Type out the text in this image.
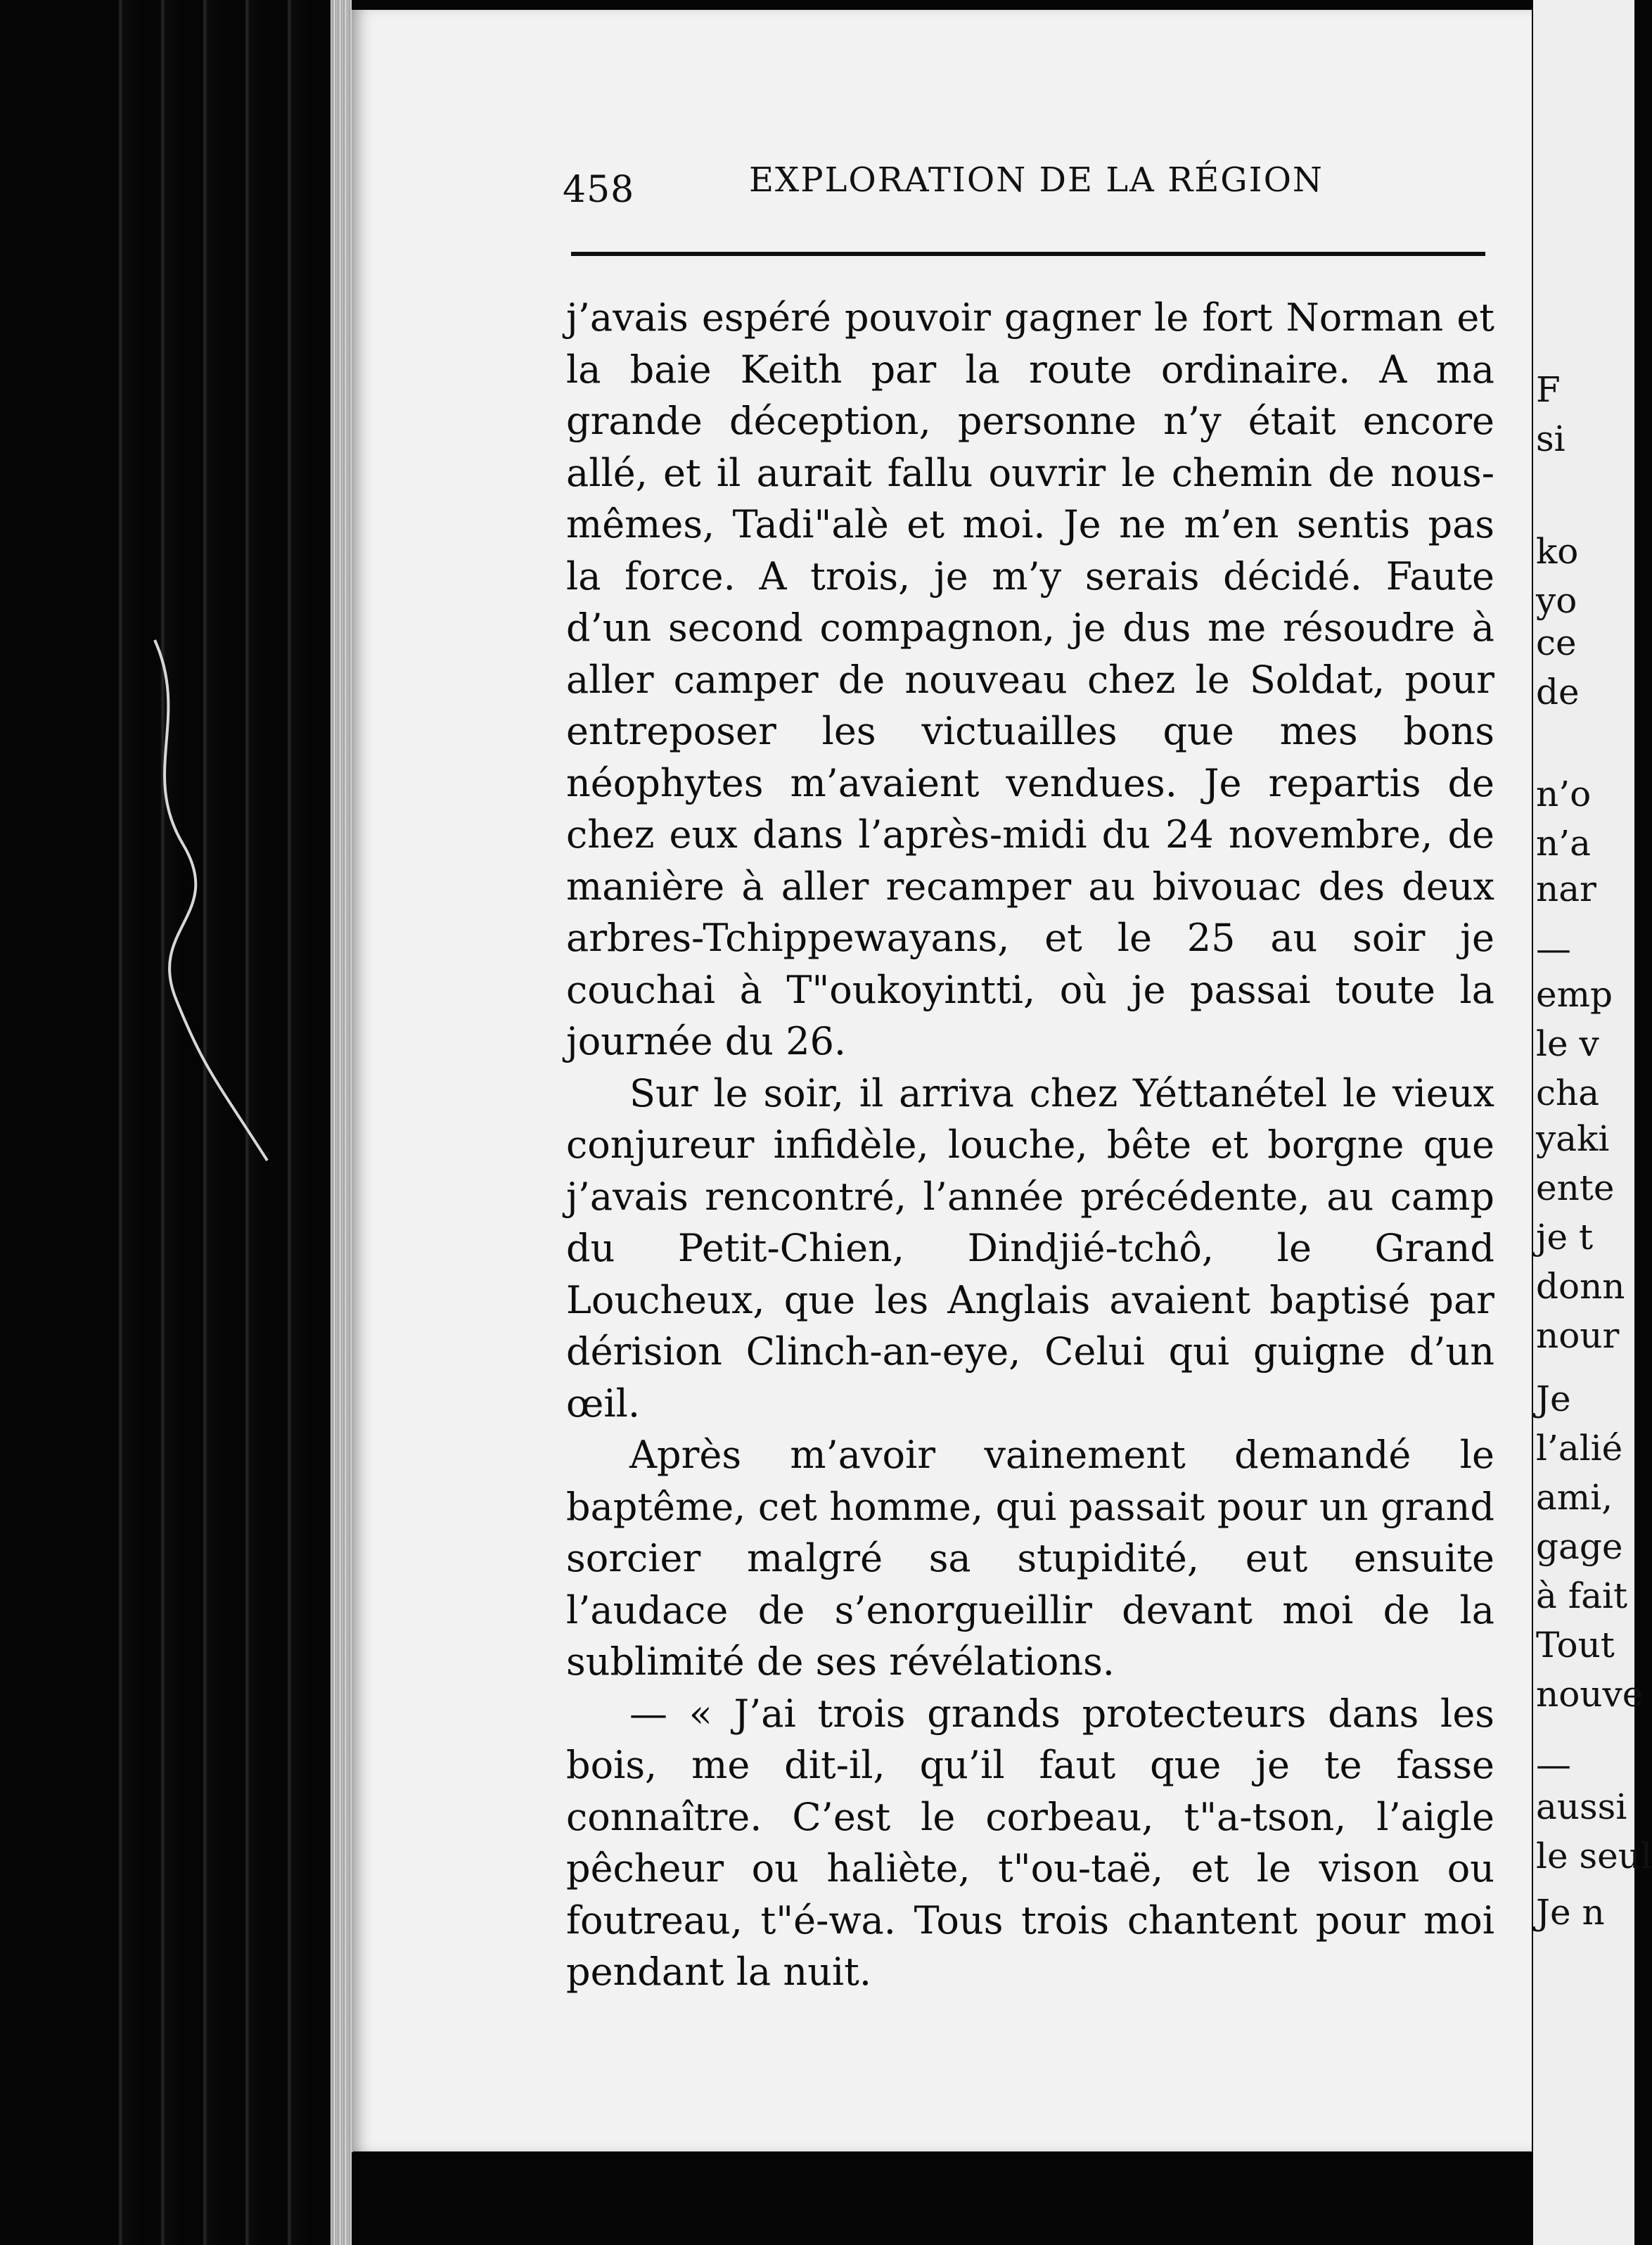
458	EXPLORATION DE LA RÉGION

j’avais espéré pouvoir gagner le fort Norman et la baie Keith par la route ordinaire. A ma grande déception, personne n’y était encore allé, et il aurait fallu ouvrir le chemin de nous-mêmes, Tadi"alè et moi. Je ne m’en sentis pas la force. A trois, je m’y serais décidé. Faute d’un second compagnon, je dus me résoudre à aller camper de nouveau chez le Soldat, pour entreposer les victuailles que mes bons néophytes m’avaient vendues. Je repartis de chez eux dans l’après-midi du 24 novembre, de manière à aller recamper au bivouac des deux arbres-Tchippewayans, et le 25 au soir je couchai à T"oukoyintti, où je passai toute la journée du 26.

Sur le soir, il arriva chez Yéttanétel le vieux conjureur infidèle, louche, bête et borgne que j’avais rencontré, l’année précédente, au camp du Petit-Chien, Dindjié-tchô, le Grand Loucheux, que les Anglais avaient baptisé par dérision Clinch-an-eye, Celui qui guigne d’un œil.

Après m’avoir vainement demandé le baptême, cet homme, qui passait pour un grand sorcier malgré sa stupidité, eut ensuite l’audace de s’enorgueillir devant moi de la sublimité de ses révélations.

— « J’ai trois grands protecteurs dans les bois, me dit-il, qu’il faut que je te fasse connaître. C’est le corbeau, t"a-tson, l’aigle pêcheur ou haliète, t"ou-taë, et le vison ou foutreau, t"é-wa. Tous trois chantent pour moi pendant la nuit.

F
si
ko
yo
ce
de
n’o
n’a
nar
—
emp
le v
cha
yaki
ente
je t
donn
nour
Je
l’alié
ami,
gage
à fait
Tout
nouve
—
aussi
le seul
Je n
